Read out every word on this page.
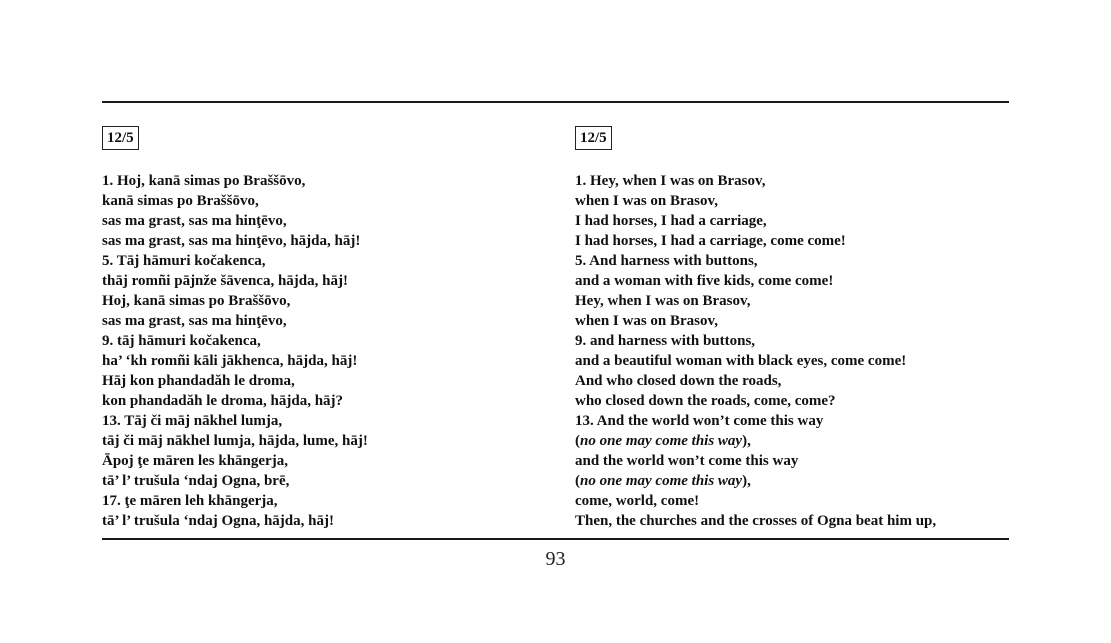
12/5
1. Hoj, kanā simas po Braššōvo,
kanā simas po Braššōvo,
sas ma grast, sas ma hinţēvo,
sas ma grast, sas ma hinţēvo, hājda, hāj!
5. Tāj hāmuri kočakenca,
thāj romñi pājnže šāvenca, hājda, hāj!
Hoj, kanā simas po Braššōvo,
sas ma grast, sas ma hinţēvo,
9. tāj hāmuri kočakenca,
ha’ ‘kh romñi kāli jākhenca, hājda, hāj!
Hāj kon phandadăh le droma,
kon phandadăh le droma, hājda, hāj?
13. Tāj či māj nākhel lumja,
tāj či māj nākhel lumja, hājda, lume, hāj!
Āpoj ţe māren les khāngerja,
tā’ l’ trušula ‘ndaj Ogna, brē,
17. ţe māren leh khāngerja,
tā’ l’ trušula ‘ndaj Ogna, hājda, hāj!
12/5
1. Hey, when I was on Brasov,
when I was on Brasov,
I had horses, I had a carriage,
I had horses, I had a carriage, come come!
5. And harness with buttons,
and a woman with five kids, come come!
Hey, when I was on Brasov,
when I was on Brasov,
9. and harness with buttons,
and a beautiful woman with black eyes, come come!
And who closed down the roads,
who closed down the roads, come, come?
13. And the world won’t come this way
(no one may come this way),
and the world won’t come this way
(no one may come this way),
come, world, come!
Then, the churches and the crosses of Ogna beat him up,
93
